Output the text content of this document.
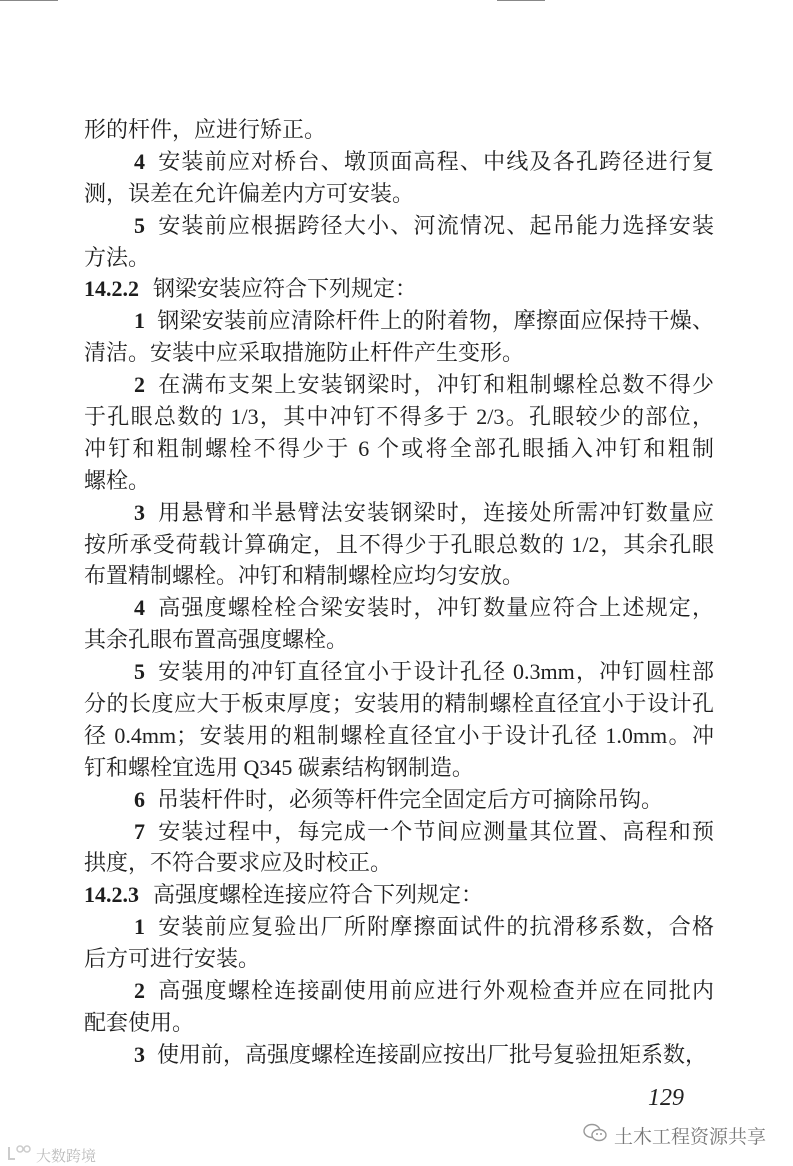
形的杆件，应进行矫正。
4 安装前应对桥台、墩顶面高程、中线及各孔跨径进行复
测，误差在允许偏差内方可安装。
5 安装前应根据跨径大小、河流情况、起吊能力选择安装
方法。
14.2.2 钢梁安装应符合下列规定：
1 钢梁安装前应清除杆件上的附着物，摩擦面应保持干燥、
清洁。安装中应采取措施防止杆件产生变形。
2 在满布支架上安装钢梁时，冲钉和粗制螺栓总数不得少
于孔眼总数的 1/3，其中冲钉不得多于 2/3。孔眼较少的部位，
冲钉和粗制螺栓不得少于 6 个或将全部孔眼插入冲钉和粗制
螺栓。
3 用悬臂和半悬臂法安装钢梁时，连接处所需冲钉数量应
按所承受荷载计算确定，且不得少于孔眼总数的 1/2，其余孔眼
布置精制螺栓。冲钉和精制螺栓应均匀安放。
4 高强度螺栓栓合梁安装时，冲钉数量应符合上述规定，
其余孔眼布置高强度螺栓。
5 安装用的冲钉直径宜小于设计孔径 0.3mm，冲钉圆柱部
分的长度应大于板束厚度；安装用的精制螺栓直径宜小于设计孔
径 0.4mm；安装用的粗制螺栓直径宜小于设计孔径 1.0mm。冲
钉和螺栓宜选用 Q345 碳素结构钢制造。
6 吊装杆件时，必须等杆件完全固定后方可摘除吊钩。
7 安装过程中，每完成一个节间应测量其位置、高程和预
拱度，不符合要求应及时校正。
14.2.3 高强度螺栓连接应符合下列规定：
1 安装前应复验出厂所附摩擦面试件的抗滑移系数，合格
后方可进行安装。
2 高强度螺栓连接副使用前应进行外观检查并应在同批内
配套使用。
3 使用前，高强度螺栓连接副应按出厂批号复验扭矩系数，
129
土木工程资源共享
大数跨境
